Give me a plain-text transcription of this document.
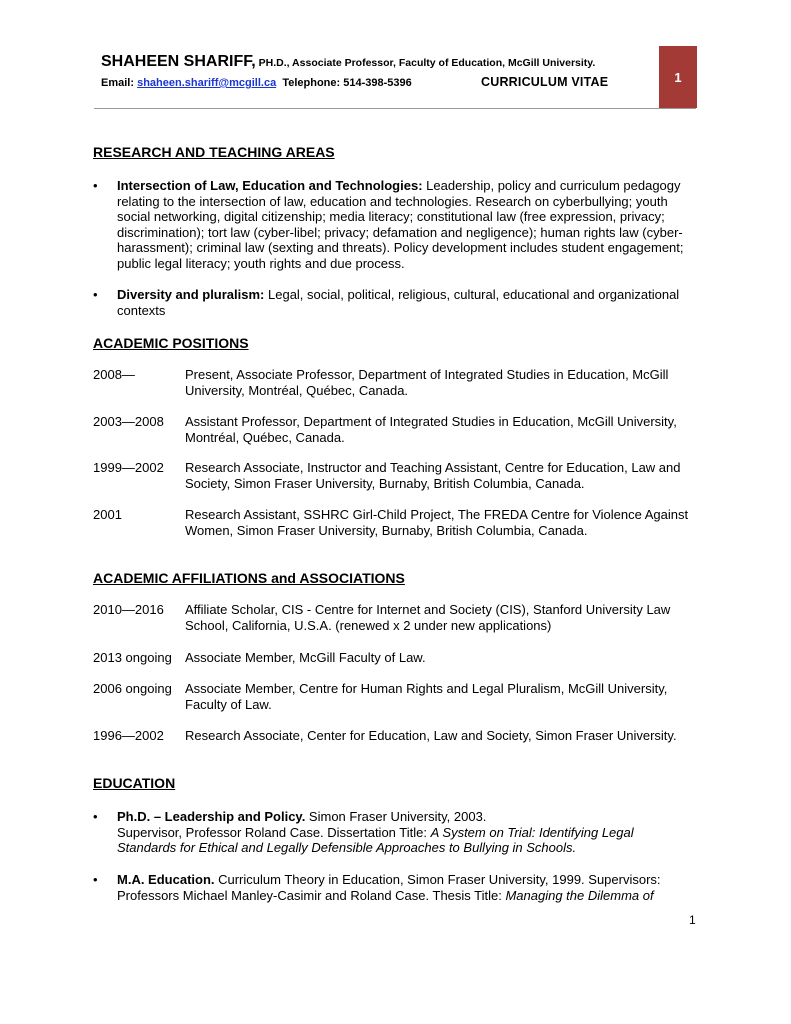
SHAHEEN SHARIFF, PH.D., Associate Professor, Faculty of Education, McGill University.
Email: shaheen.shariff@mcgill.ca Telephone: 514-398-5396	CURRICULUM VITAE	1
RESEARCH AND TEACHING AREAS
• Intersection of Law, Education and Technologies: Leadership, policy and curriculum pedagogy relating to the intersection of law, education and technologies. Research on cyberbullying; youth social networking, digital citizenship; media literacy; constitutional law (free expression, privacy; discrimination); tort law (cyber-libel; privacy; defamation and negligence); human rights law (cyber-harassment); criminal law (sexting and threats). Policy development includes student engagement; public legal literacy; youth rights and due process.
• Diversity and pluralism: Legal, social, political, religious, cultural, educational and organizational contexts
ACADEMIC POSITIONS
2008—	Present, Associate Professor, Department of Integrated Studies in Education, McGill University, Montréal, Québec, Canada.
2003—2008 Assistant Professor, Department of Integrated Studies in Education, McGill University, Montréal, Québec, Canada.
1999—2002 Research Associate, Instructor and Teaching Assistant, Centre for Education, Law and Society, Simon Fraser University, Burnaby, British Columbia, Canada.
2001	Research Assistant, SSHRC Girl-Child Project, The FREDA Centre for Violence Against Women, Simon Fraser University, Burnaby, British Columbia, Canada.
ACADEMIC AFFILIATIONS and ASSOCIATIONS
2010—2016 Affiliate Scholar, CIS - Centre for Internet and Society (CIS), Stanford University Law School, California, U.S.A. (renewed x 2 under new applications)
2013 ongoing Associate Member, McGill Faculty of Law.
2006 ongoing Associate Member, Centre for Human Rights and Legal Pluralism, McGill University, Faculty of Law.
1996—2002 Research Associate, Center for Education, Law and Society, Simon Fraser University.
EDUCATION
• Ph.D. – Leadership and Policy. Simon Fraser University, 2003.
Supervisor, Professor Roland Case. Dissertation Title: A System on Trial: Identifying Legal Standards for Ethical and Legally Defensible Approaches to Bullying in Schools.
• M.A. Education. Curriculum Theory in Education, Simon Fraser University, 1999. Supervisors: Professors Michael Manley-Casimir and Roland Case. Thesis Title: Managing the Dilemma of
1
